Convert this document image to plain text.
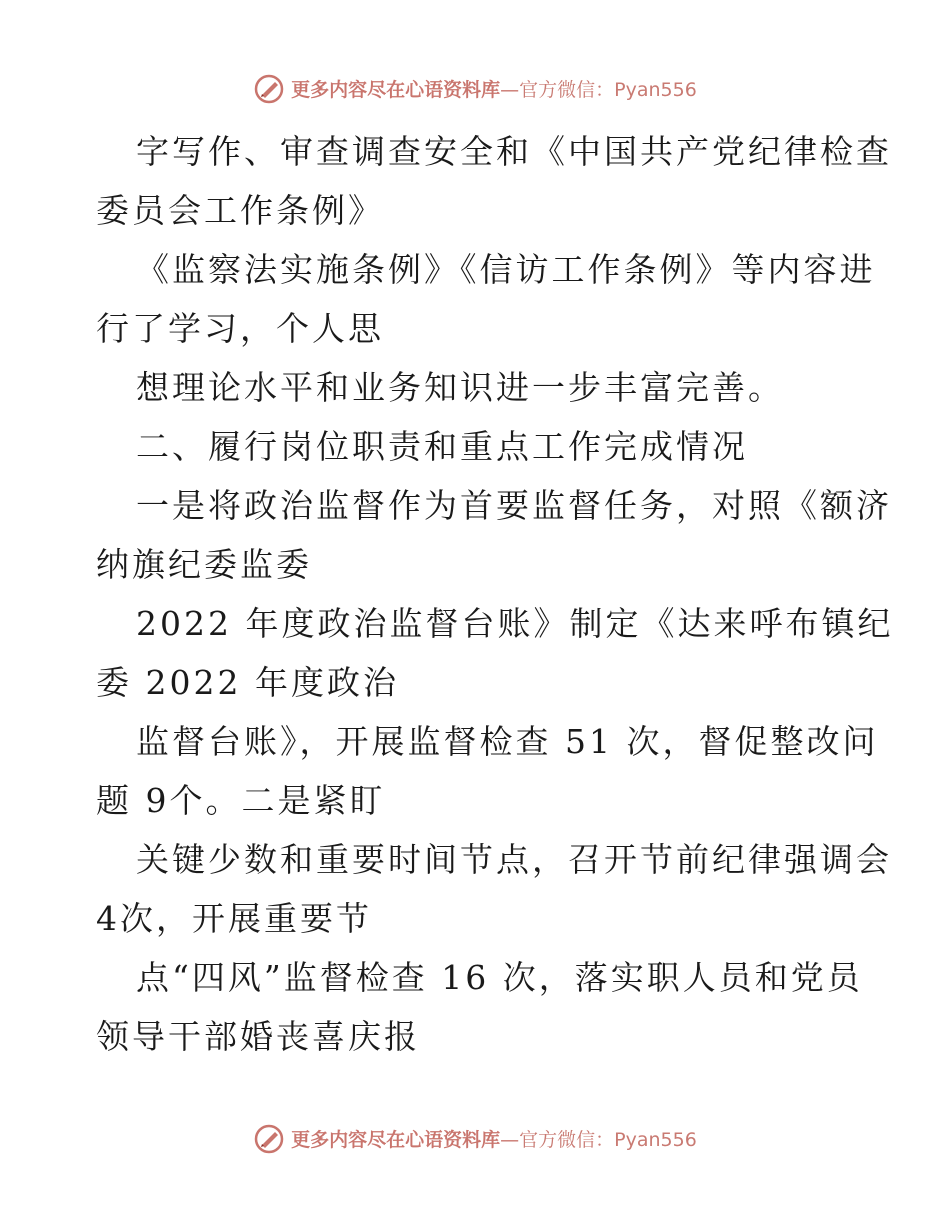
更多内容尽在心语资料库—官方微信：Pyan556
字写作、审查调查安全和《中国共产党纪律检查
委员会工作条例》
《监察法实施条例》《信访工作条例》等内容进
行了学习，个人思
想理论水平和业务知识进一步丰富完善。
二、履行岗位职责和重点工作完成情况
一是将政治监督作为首要监督任务，对照《额济
纳旗纪委监委
2022 年度政治监督台账》制定《达来呼布镇纪
委 2022 年度政治
监督台账》，开展监督检查 51 次，督促整改问
题 9个。二是紧盯
关键少数和重要时间节点，召开节前纪律强调会
4次，开展重要节
点“四风”监督检查 16 次，落实职人员和党员
领导干部婚丧喜庆报
更多内容尽在心语资料库—官方微信：Pyan556
